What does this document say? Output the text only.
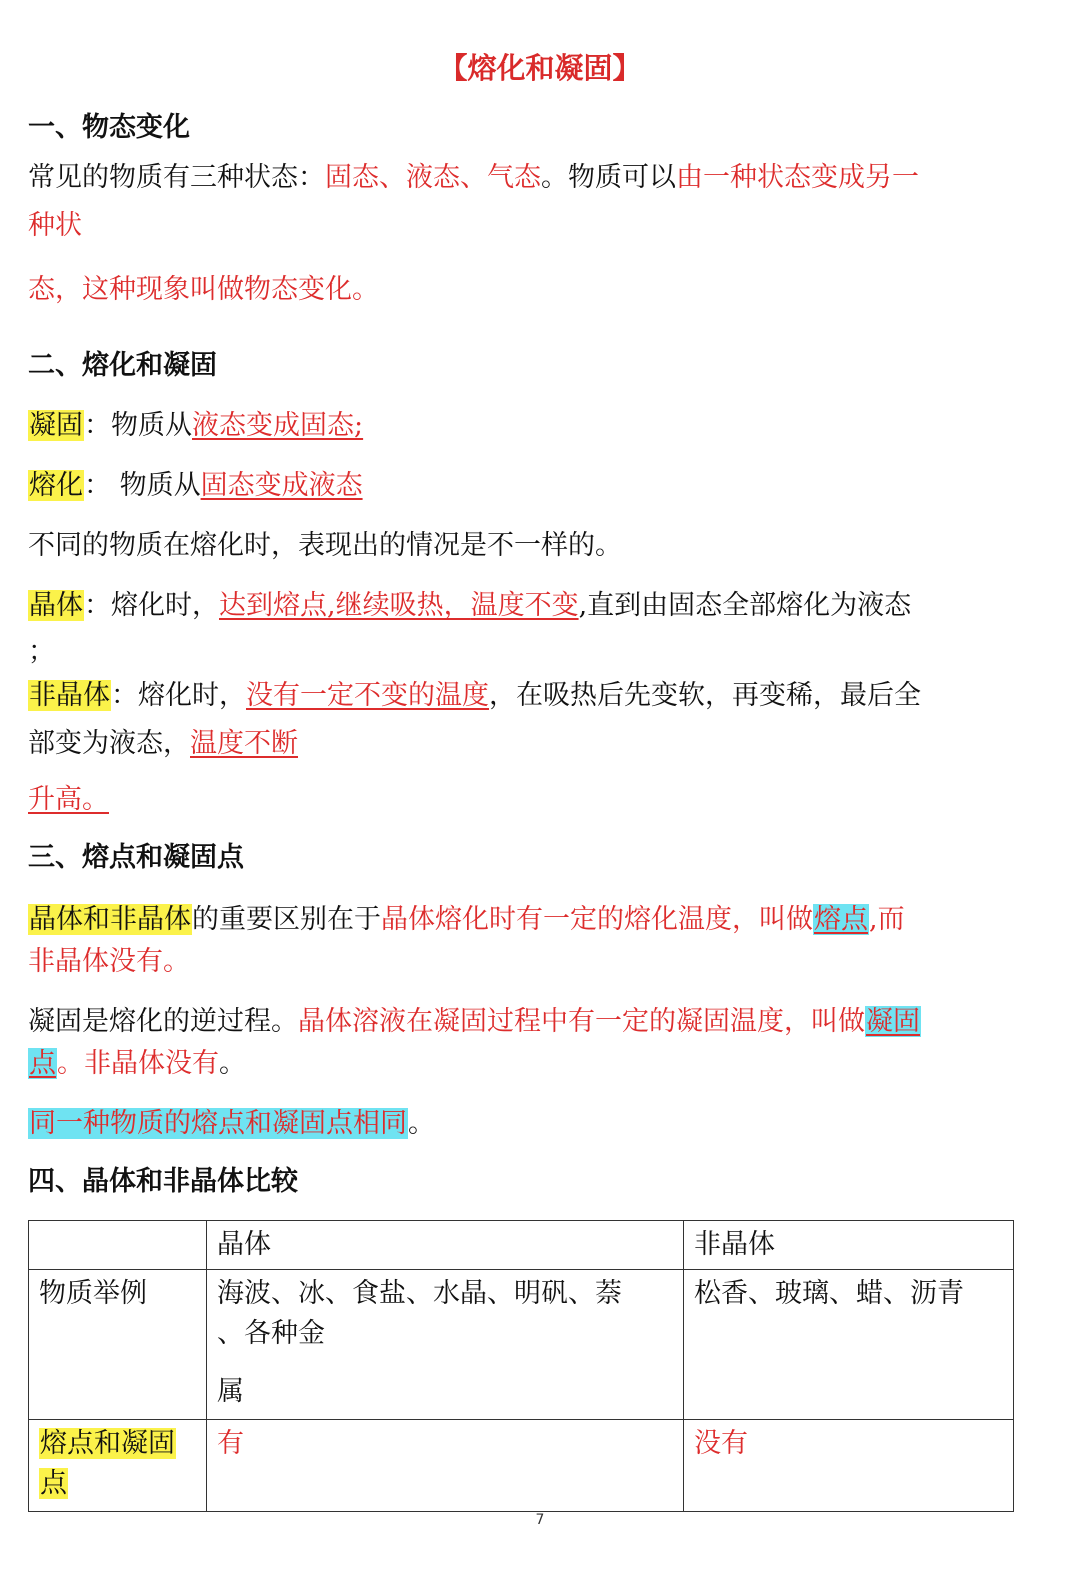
【熔化和凝固】
一、物态变化
常见的物质有三种状态：固态、液态、气态。物质可以由一种状态变成另一
种状
态，这种现象叫做物态变化。
二、熔化和凝固
凝固：物质从液态变成固态;
熔化： 物质从固态变成液态
不同的物质在熔化时，表现出的情况是不一样的。
晶体：熔化时，达到熔点,继续吸热，温度不变,直到由固态全部熔化为液态
；
非晶体：熔化时，没有一定不变的温度，在吸热后先变软，再变稀，最后全
部变为液态，温度不断
升高。
三、熔点和凝固点
晶体和非晶体的重要区别在于晶体熔化时有一定的熔化温度，叫做熔点,而
非晶体没有。
凝固是熔化的逆过程。晶体溶液在凝固过程中有一定的凝固温度，叫做凝固
点。非晶体没有。
同一种物质的熔点和凝固点相同。
四、晶体和非晶体比较
	晶体	非晶体
物质举例	海波、冰、食盐、水晶、明矾、萘
、各种金
属	松香、玻璃、蜡、沥青

熔点和凝固
点	有	没有
7
